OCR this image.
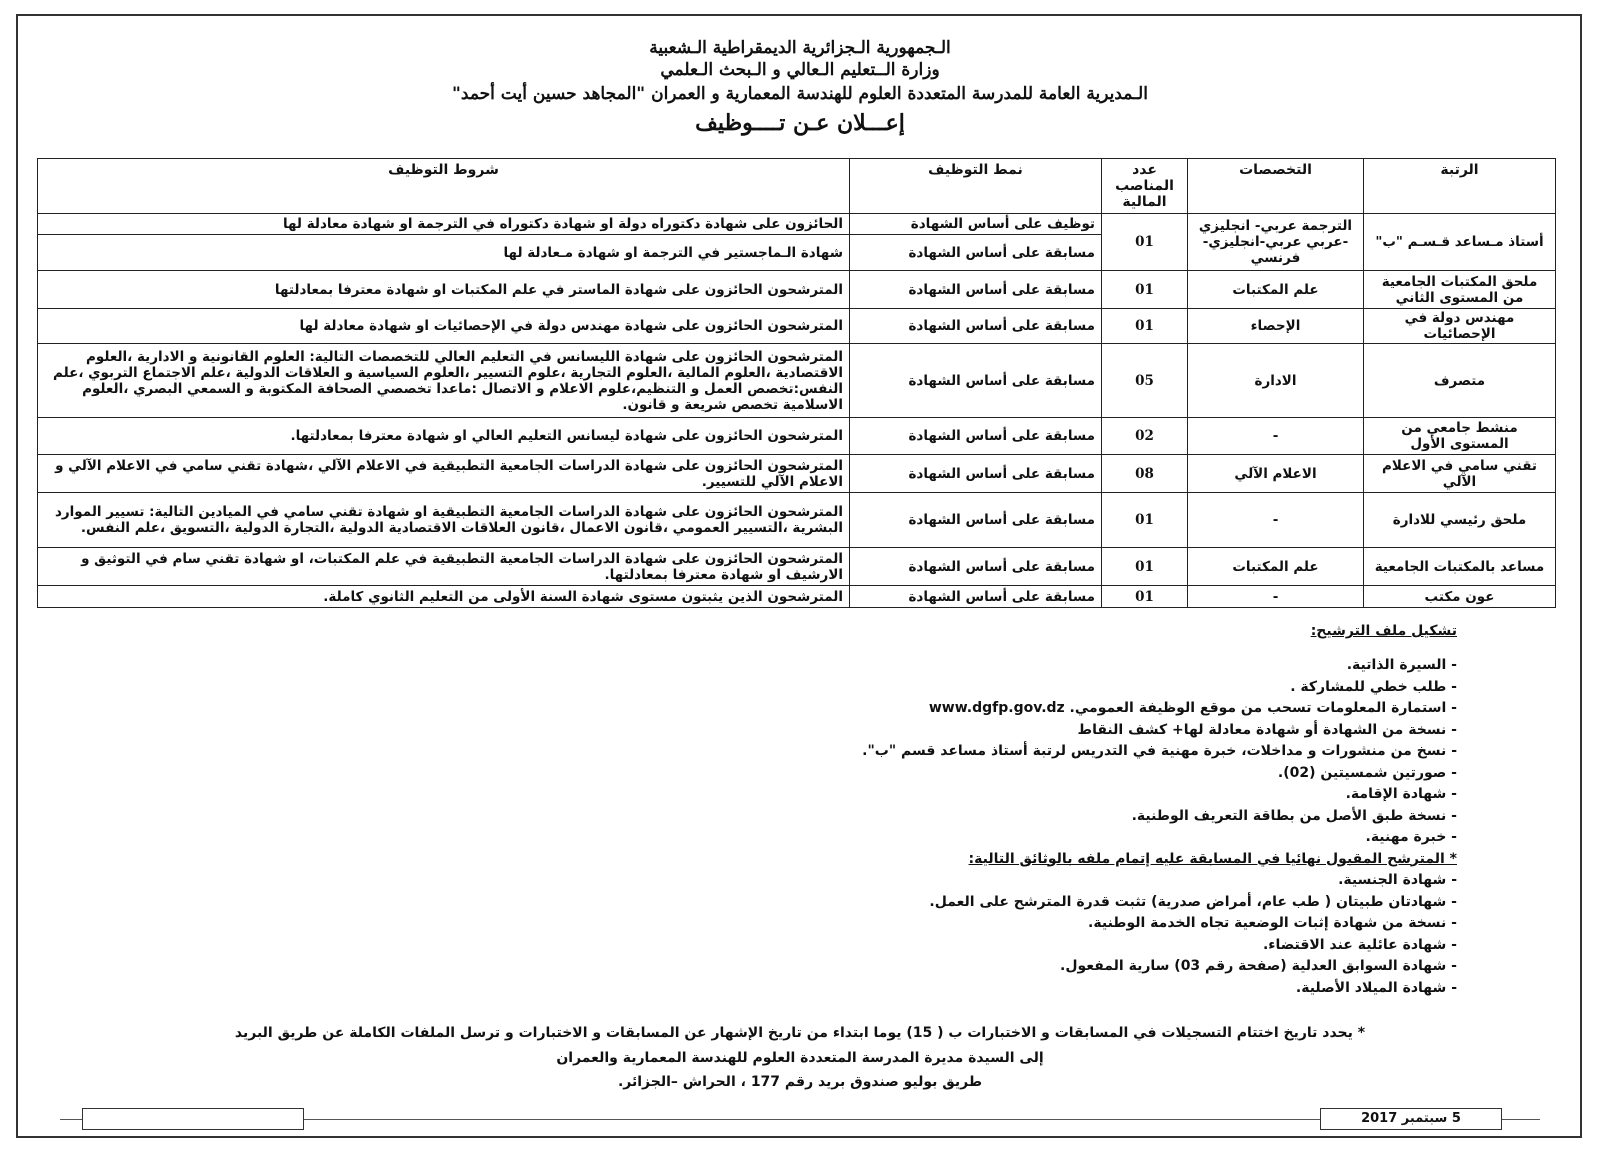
الـجمهورية الـجزائرية الديمقراطية الـشعبية
وزارة الــتعليم الـعالي و الـبحث الـعلمي
الـمديرية العامة للمدرسة المتعددة العلوم للهندسة المعمارية و العمران "المجاهد حسين أيت أحمد"
إعـــلان عـن تــــوظيف
الرتبة	التخصصات	عدد المناصب المالية	نمط التوظيف	شروط التوظيف
أستاذ مـساعد قـسـم "ب"	الترجمة عربي- انجليزي -عربي عربي-انجليزي-فرنسي	01	توظيف على أساس الشهادة	الحائزون على شهادة دكتوراه دولة او شهادة دكتوراه في الترجمة او شهادة معادلة لها
			مسابقة على أساس الشهادة	شهادة الـماجستير في الترجمة او شهادة مـعادلة لها
ملحق المكتبات الجامعية من المستوى الثاني	علم المكتبات	01	مسابقة على أساس الشهادة	المترشحون الحائزون على شهادة الماستر في علم المكتبات او شهادة معترفا بمعادلتها
مهندس دولة في الإحصائيات	الإحصاء	01	مسابقة على أساس الشهادة	المترشحون الحائزون على شهادة مهندس دولة في الإحصائيات او شهادة معادلة لها
متصرف	الادارة	05	مسابقة على أساس الشهادة	المترشحون الحائزون على شهادة الليسانس في التعليم العالي للتخصصات التالية: العلوم القانونية و الادارية ،العلوم الاقتصادية ،العلوم المالية ،العلوم التجارية ،علوم التسيير ،العلوم السياسية و العلاقات الدولية ،علم الاجتماع التربوي ،علم النفس:تخصص العمل و التنظيم،علوم الاعلام و الاتصال :ماعدا تخصصي الصحافة المكتوبة و السمعي البصري ،العلوم الاسلامية تخصص شريعة و قانون.
منشط جامعي من المستوى الأول	-	02	مسابقة على أساس الشهادة	المترشحون الحائزون على شهادة ليسانس التعليم العالي او شهادة معترفا بمعادلتها.
تقني سامي في الاعلام الآلي	الاعلام الآلي	08	مسابقة على أساس الشهادة	المترشحون الحائزون على شهادة الدراسات الجامعية التطبيقية في الاعلام الآلي ،شهادة تقني سامي في الاعلام الآلي و الاعلام الآلي للتسيير.
ملحق رئيسي للادارة	-	01	مسابقة على أساس الشهادة	المترشحون الحائزون على شهادة الدراسات الجامعية التطبيقية او شهادة تقني سامي في الميادين التالية: تسيير الموارد البشرية ،التسيير العمومي ،قانون الاعمال ،قانون العلاقات الاقتصادية الدولية ،التجارة الدولية ،التسويق ،علم النفس.
مساعد بالمكتبات الجامعية	علم المكتبات	01	مسابقة على أساس الشهادة	المترشحون الحائزون على شهادة الدراسات الجامعية التطبيقية في علم المكتبات، او شهادة تقني سام في التوثيق و الارشيف او شهادة معترفا بمعادلتها.
عون مكتب	-	01	مسابقة على أساس الشهادة	المترشحون الذين يثبتون مستوى شهادة السنة الأولى من التعليم الثانوي كاملة.
تشكيل ملف الترشيح:
- السيرة الذاتية.
- طلب خطي للمشاركة .
- استمارة المعلومات تسحب من موقع الوظيفة العمومي. www.dgfp.gov.dz
- نسخة من الشهادة أو شهادة معادلة لها+ كشف النقاط
- نسخ من منشورات و مداخلات، خبرة مهنية في التدريس لرتبة أستاذ مساعد قسم "ب".
- صورتين شمسيتين (02).
- شهادة الإقامة.
- نسخة طبق الأصل من بطاقة التعريف الوطنية.
- خبرة مهنية.
* المترشح المقبول نهائيا في المسابقة عليه إتمام ملفه بالوثائق التالية:
- شهادة الجنسية.
- شهادتان طبيتان ( طب عام، أمراض صدرية) تثبت قدرة المترشح على العمل.
- نسخة من شهادة إثبات الوضعية تجاه الخدمة الوطنية.
- شهادة عائلية عند الاقتضاء.
- شهادة السوابق العدلية (صفحة رقم 03) سارية المفعول.
- شهادة الميلاد الأصلية.
* يحدد تاريخ اختتام التسجيلات في المسابقات و الاختبارات ب ( 15) يوما ابتداء من تاريخ الإشهار عن المسابقات و الاختبارات و ترسل الملفات الكاملة عن طريق البريد
إلى السيدة مديرة المدرسة المتعددة العلوم للهندسة المعمارية والعمران
طريق بوليو صندوق بريد رقم 177 ، الحراش –الجزائر.
5 سبتمبر 2017
